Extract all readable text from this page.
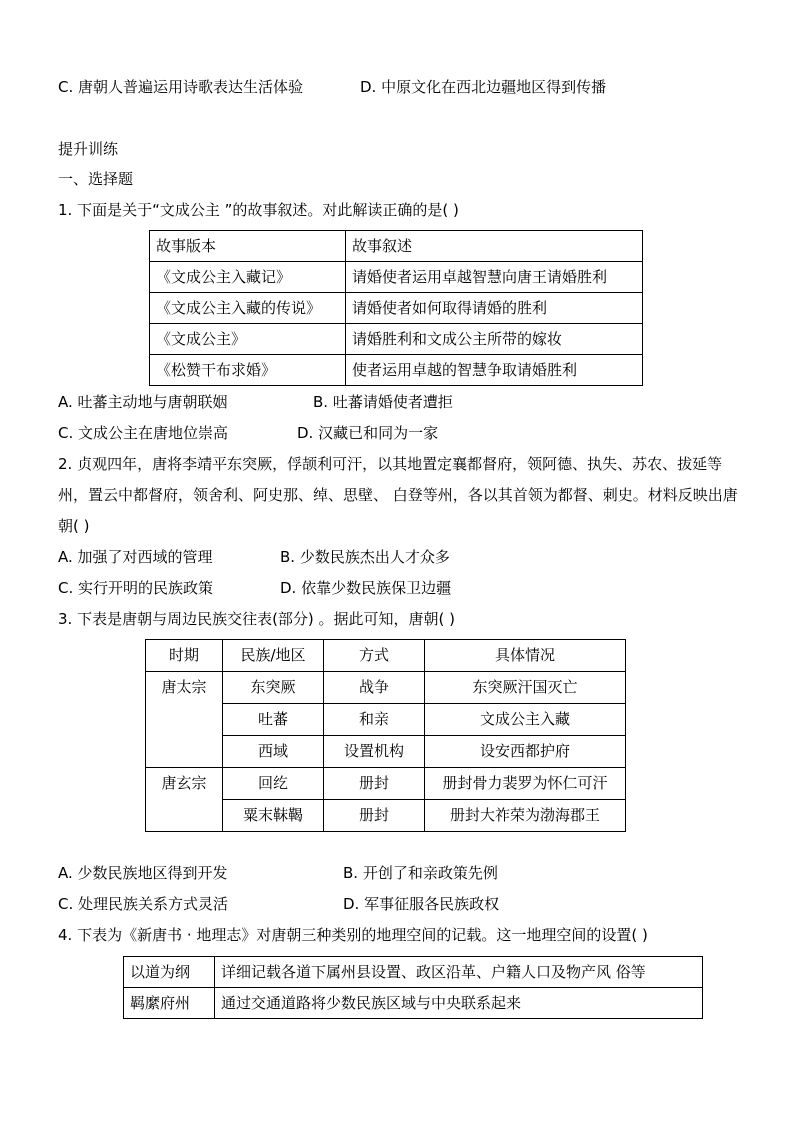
C. 唐朝人普遍运用诗歌表达生活体验	D. 中原文化在西北边疆地区得到传播
提升训练
一、选择题
1. 下面是关于“文成公主 ”的故事叙述。对此解读正确的是( )
故事版本	故事叙述
《文成公主入藏记》	请婚使者运用卓越智慧向唐王请婚胜利
《文成公主入藏的传说》	请婚使者如何取得请婚的胜利
《文成公主》	请婚胜利和文成公主所带的嫁妆
《松赞干布求婚》	使者运用卓越的智慧争取请婚胜利
A. 吐蕃主动地与唐朝联姻	B. 吐蕃请婚使者遭拒
C. 文成公主在唐地位崇高	D. 汉藏已和同为一家
2. 贞观四年，唐将李靖平东突厥，俘颉利可汗，以其地置定襄都督府，领阿德、执失、苏农、拔延等州，置云中都督府，领舍利、阿史那、绰、思壁、 白登等州，各以其首领为都督、刺史。材料反映出唐朝( )
A. 加强了对西域的管理	B. 少数民族杰出人才众多
C. 实行开明的民族政策	D. 依靠少数民族保卫边疆
3. 下表是唐朝与周边民族交往表(部分) 。据此可知，唐朝( )
时期	民族/地区	方式	具体情况
唐太宗	东突厥	战争	东突厥汗国灭亡
	吐蕃	和亲	文成公主入藏
	西域	设置机构	设安西都护府
唐玄宗	回纥	册封	册封骨力裴罗为怀仁可汗
	粟末靺鞨	册封	册封大祚荣为渤海郡王
A. 少数民族地区得到开发	B. 开创了和亲政策先例
C. 处理民族关系方式灵活	D. 军事征服各民族政权
4. 下表为《新唐书 · 地理志》对唐朝三种类别的地理空间的记载。这一地理空间的设置( )
以道为纲	详细记载各道下属州县设置、政区沿革、户籍人口及物产风 俗等
羁縻府州	通过交通道路将少数民族区域与中央联系起来
